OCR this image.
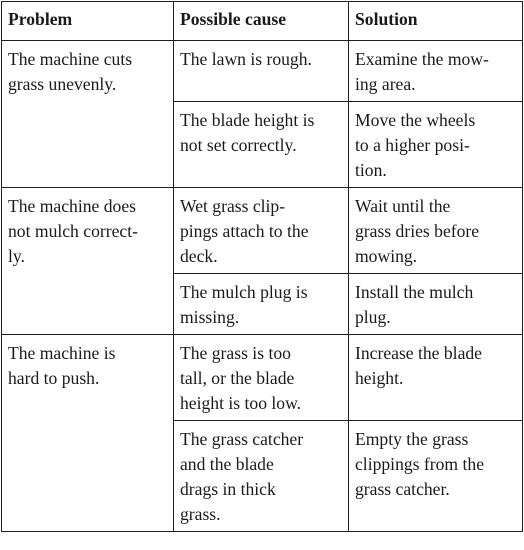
Problem	Possible cause	Solution

The machine cuts
grass unevenly.	The lawn is rough.	Examine the mow-
ing area.

	The blade height is
not set correctly.	Move the wheels
to a higher posi-
tion.

The machine does
not mulch correct-
ly.	Wet grass clip-
pings attach to the
deck.	Wait until the
grass dries before
mowing.

	The mulch plug is
missing.	Install the mulch
plug.

The machine is
hard to push.	The grass is too
tall, or the blade
height is too low.	Increase the blade
height.

	The grass catcher
and the blade
drags in thick
grass.	Empty the grass
clippings from the
grass catcher.
